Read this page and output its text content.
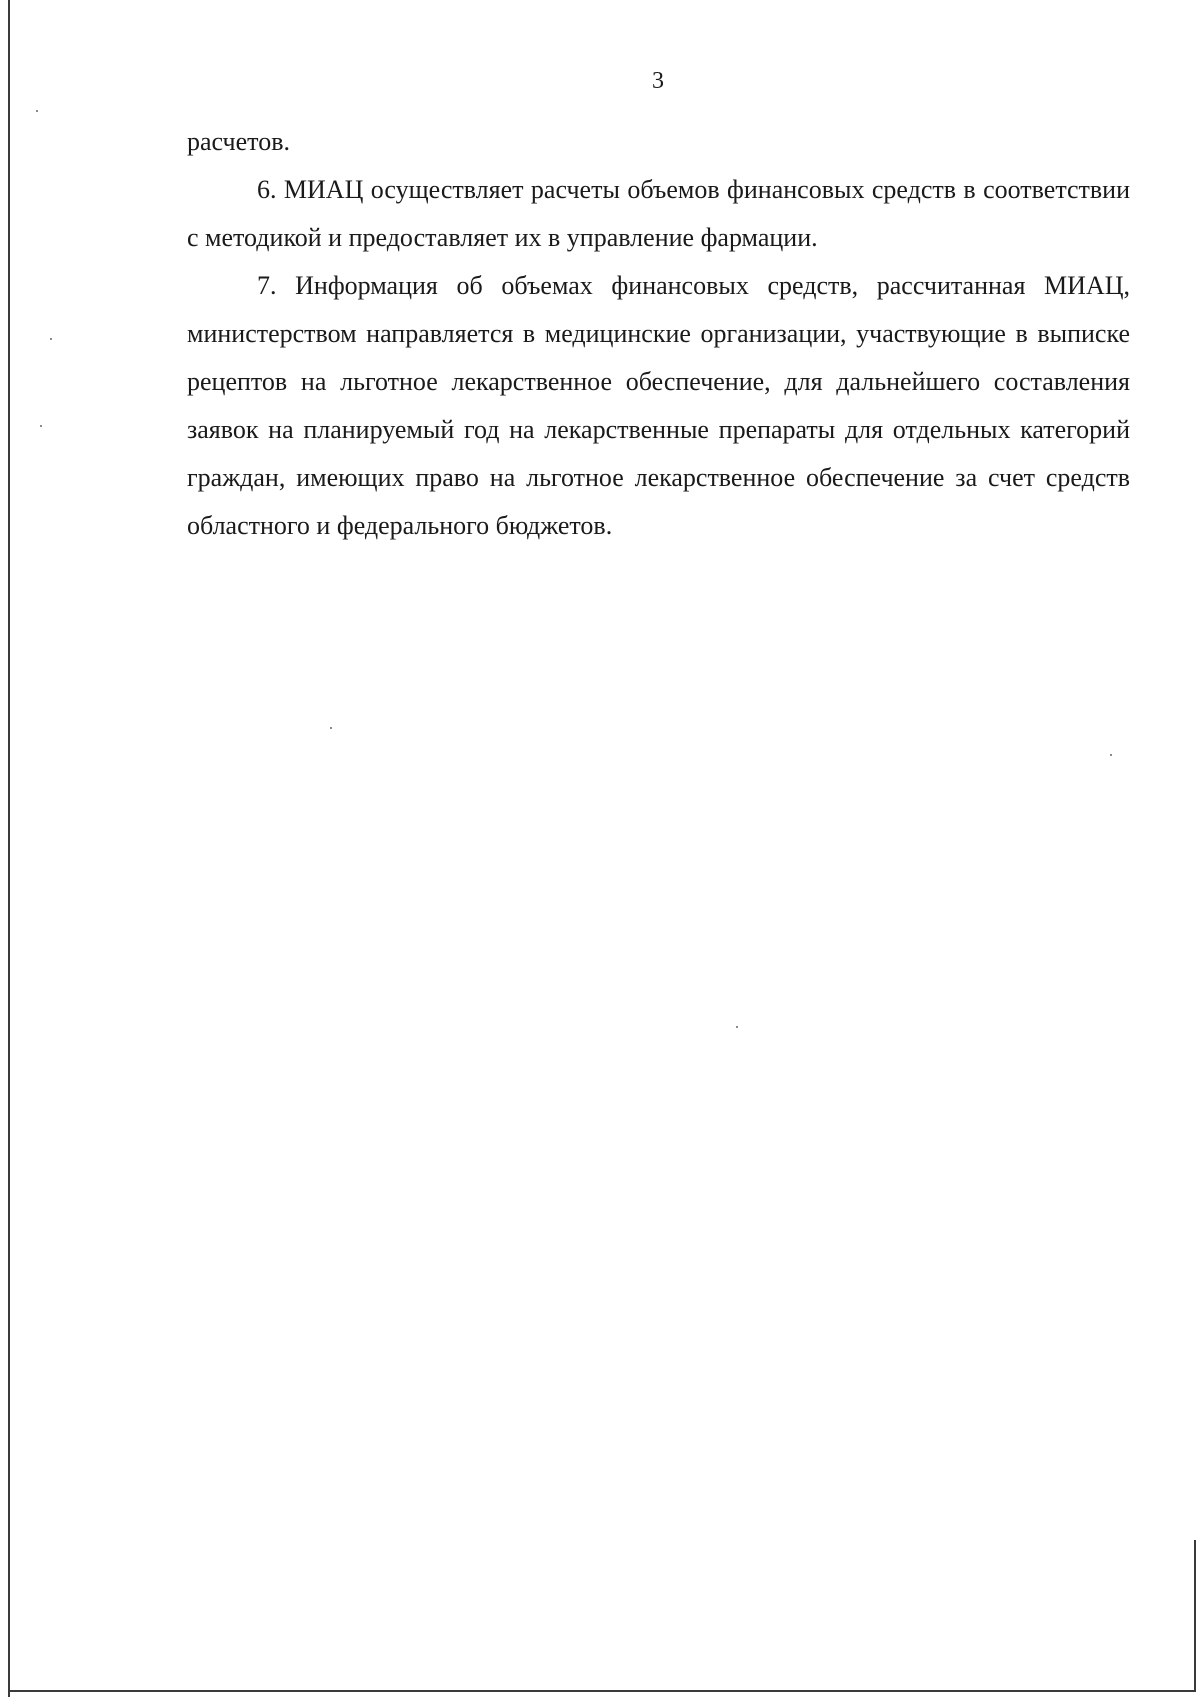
3

расчетов.

6. МИАЦ осуществляет расчеты объемов финансовых средств в соответствии с методикой и предоставляет их в управление фармации.

7. Информация об объемах финансовых средств, рассчитанная МИАЦ, министерством направляется в медицинские организации, участвующие в выписке рецептов на льготное лекарственное обеспечение, для дальнейшего составления заявок на планируемый год на лекарственные препараты для отдельных категорий граждан, имеющих право на льготное лекарственное обеспечение за счет средств областного и федерального бюджетов.
